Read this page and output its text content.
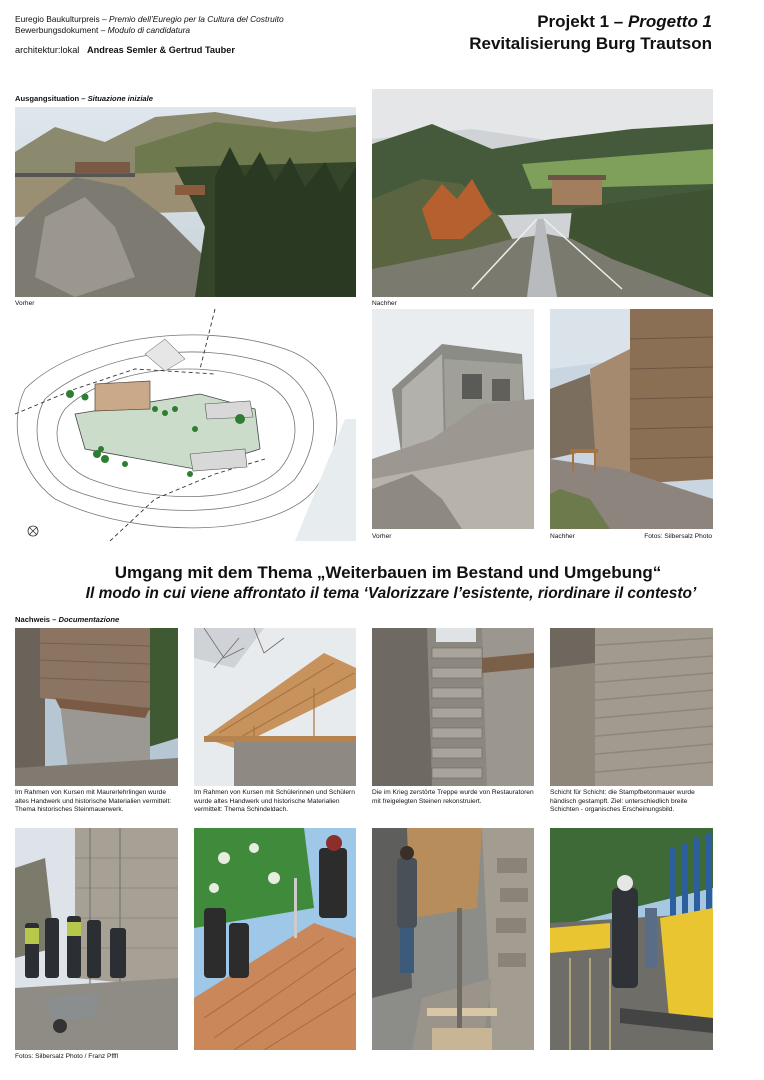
Euregio Baukulturpreis – Premio dell’Euregio per la Cultura del Costruito
Bewerbungsdokument – Modulo di candidatura
architektur:lokal Andreas Semler & Gertrud Tauber
Projekt 1 – Progetto 1
Revitalisierung Burg Trautson
Ausgangsituation – Situazione iniziale
Vorher	Nachher
Vorher	Nachher	Fotos: Silbersalz Photo
Umgang mit dem Thema „Weiterbauen im Bestand und Umgebung“
Il modo in cui viene affrontato il tema ‘Valorizzare l’esistente, riordinare il contesto’
Nachweis – Documentazione
Im Rahmen von Kursen mit Maurerlehrlingen wurde altes Handwerk und historische Materialien vermittelt: Thema historisches Steinmauerwerk.
Im Rahmen von Kursen mit Schülerinnen und Schülern wurde altes Handwerk und historische Materialien vermittelt: Thema Schindeldach.
Die im Krieg zerstörte Treppe wurde von Restauratoren mit freigelegten Steinen rekonstruiert.
Schicht für Schicht: die Stampfbetonmauer wurde händisch gestampft. Ziel: unterschiedlich breite Schichten - organisches Erscheinungsbild.
Fotos: Silbersalz Photo / Franz Pfffl
